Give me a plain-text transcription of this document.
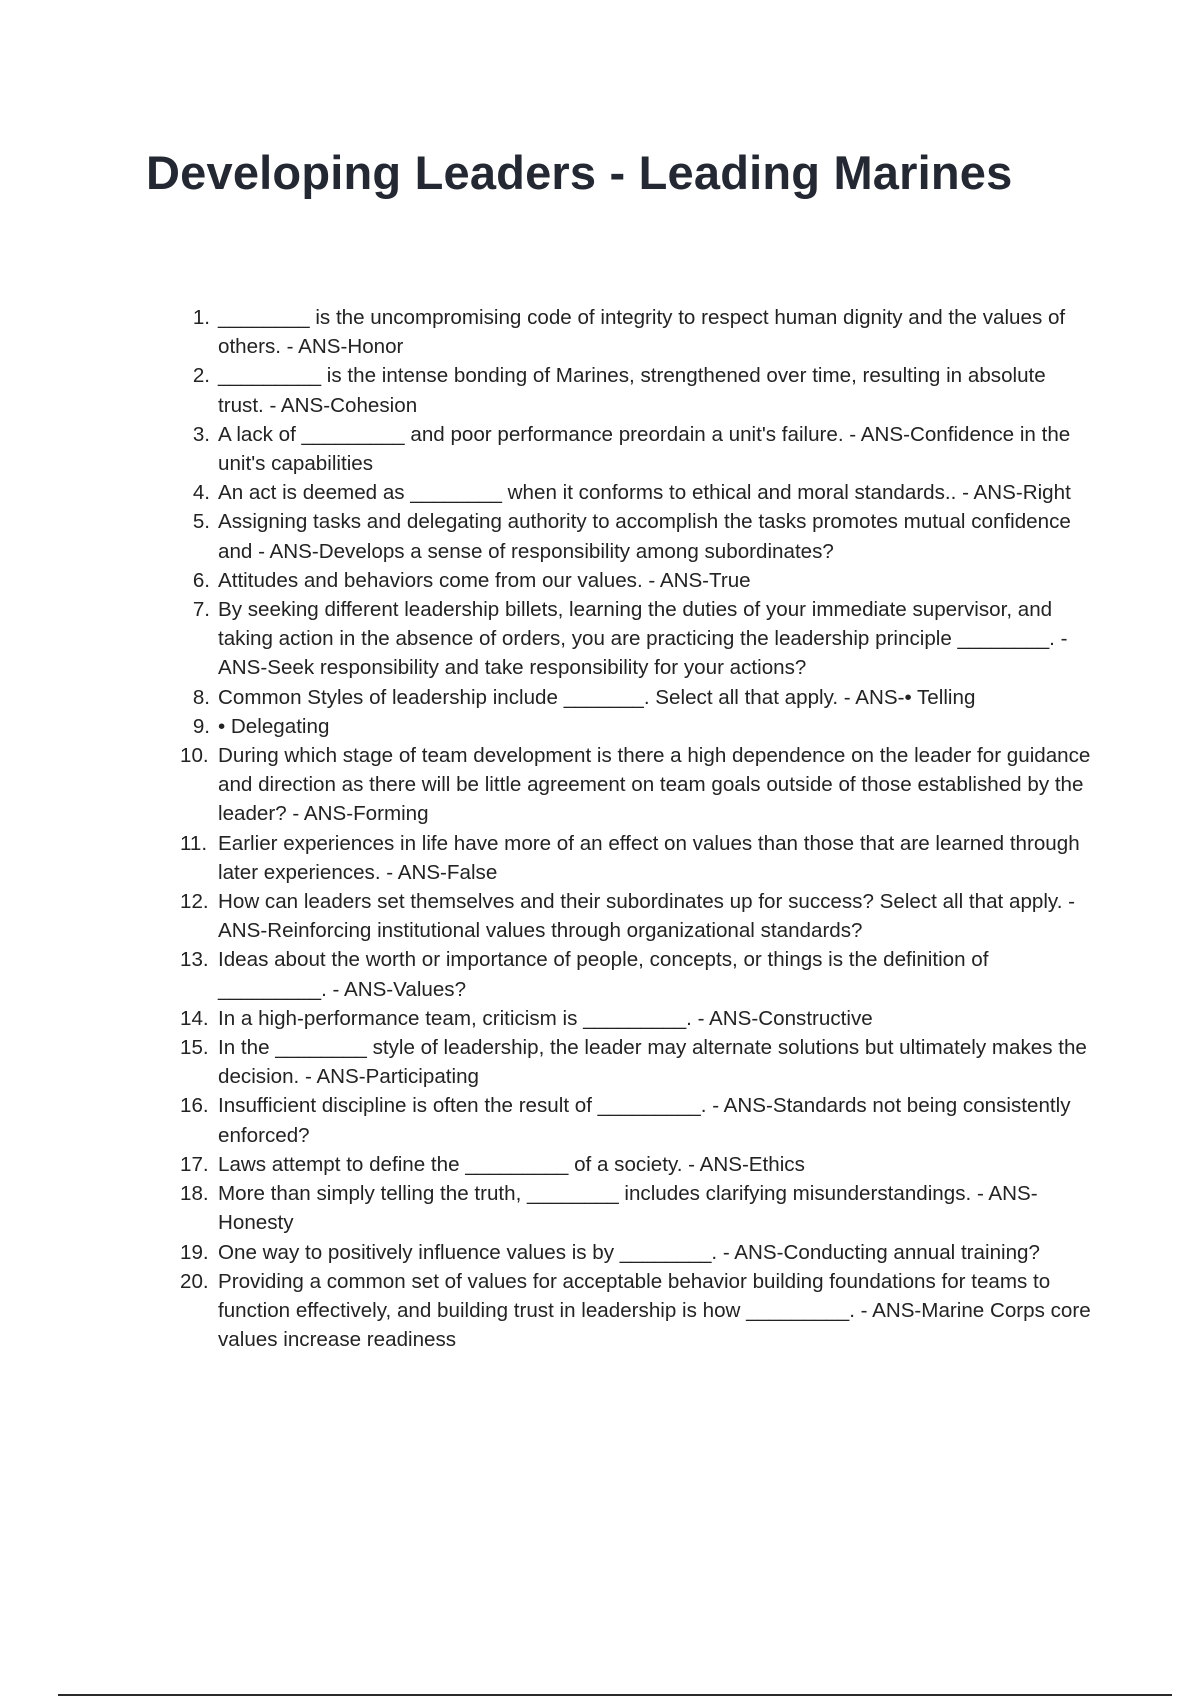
Developing Leaders - Leading Marines
1. ________ is the uncompromising code of integrity to respect human dignity and the values of others. - ANS-Honor
2. _________ is the intense bonding of Marines, strengthened over time, resulting in absolute trust. - ANS-Cohesion
3. A lack of _________ and poor performance preordain a unit's failure. - ANS-Confidence in the unit's capabilities
4. An act is deemed as ________ when it conforms to ethical and moral standards.. - ANS-Right
5. Assigning tasks and delegating authority to accomplish the tasks promotes mutual confidence and - ANS-Develops a sense of responsibility among subordinates?
6. Attitudes and behaviors come from our values. - ANS-True
7. By seeking different leadership billets, learning the duties of your immediate supervisor, and taking action in the absence of orders, you are practicing the leadership principle ________. - ANS-Seek responsibility and take responsibility for your actions?
8. Common Styles of leadership include _______. Select all that apply. - ANS-• Telling
9. • Delegating
10. During which stage of team development is there a high dependence on the leader for guidance and direction as there will be little agreement on team goals outside of those established by the leader? - ANS-Forming
11. Earlier experiences in life have more of an effect on values than those that are learned through later experiences. - ANS-False
12. How can leaders set themselves and their subordinates up for success? Select all that apply. - ANS-Reinforcing institutional values through organizational standards?
13. Ideas about the worth or importance of people, concepts, or things is the definition of _________. - ANS-Values?
14. In a high-performance team, criticism is _________. - ANS-Constructive
15. In the ________ style of leadership, the leader may alternate solutions but ultimately makes the decision. - ANS-Participating
16. Insufficient discipline is often the result of _________. - ANS-Standards not being consistently enforced?
17. Laws attempt to define the _________ of a society. - ANS-Ethics
18. More than simply telling the truth, ________ includes clarifying misunderstandings. - ANS-Honesty
19. One way to positively influence values is by ________. - ANS-Conducting annual training?
20. Providing a common set of values for acceptable behavior building foundations for teams to function effectively, and building trust in leadership is how _________. - ANS-Marine Corps core values increase readiness
